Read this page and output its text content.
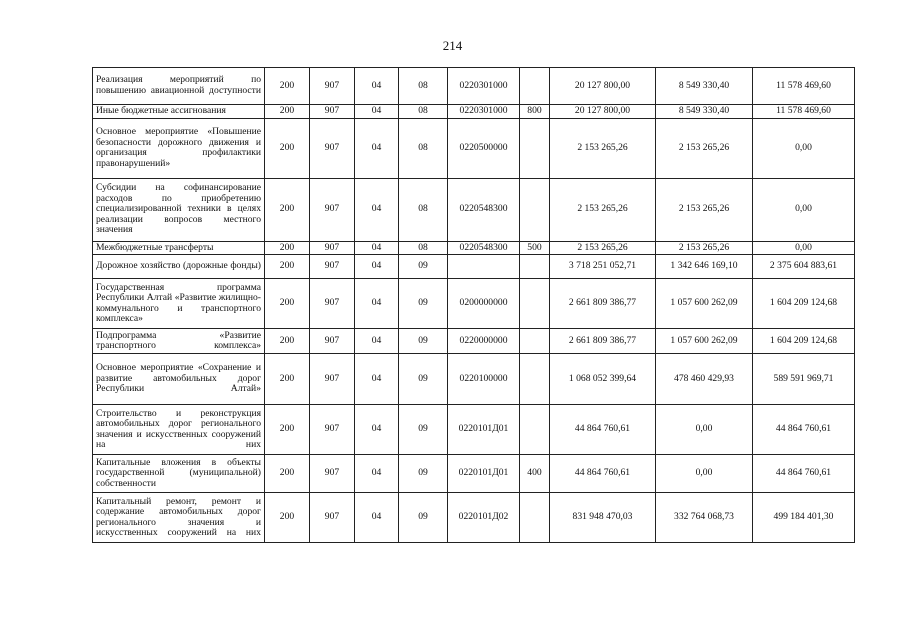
214
Реализация мероприятий по повышению авиационной доступности	200	907	04	08	0220301000		20 127 800,00	8 549 330,40	11 578 469,60
Иные бюджетные ассигнования	200	907	04	08	0220301000	800	20 127 800,00	8 549 330,40	11 578 469,60
Основное мероприятие «Повышение безопасности дорожного движения и организация профилактики правонарушений»	200	907	04	08	0220500000		2 153 265,26	2 153 265,26	0,00
Субсидии на софинансирование расходов по приобретению специализированной техники в целях реализации вопросов местного значения	200	907	04	08	0220548300		2 153 265,26	2 153 265,26	0,00
Межбюджетные трансферты	200	907	04	08	0220548300	500	2 153 265,26	2 153 265,26	0,00
Дорожное хозяйство (дорожные фонды)	200	907	04	09			3 718 251 052,71	1 342 646 169,10	2 375 604 883,61
Государственная программа Республики Алтай «Развитие жилищно-коммунального и транспортного комплекса»	200	907	04	09	0200000000		2 661 809 386,77	1 057 600 262,09	1 604 209 124,68
Подпрограмма «Развитие транспортного комплекса»	200	907	04	09	0220000000		2 661 809 386,77	1 057 600 262,09	1 604 209 124,68
Основное мероприятие «Сохранение и развитие автомобильных дорог Республики Алтай»	200	907	04	09	0220100000		1 068 052 399,64	478 460 429,93	589 591 969,71
Строительство и реконструкция автомобильных дорог регионального значения и искусственных сооружений на них	200	907	04	09	0220101Д01		44 864 760,61	0,00	44 864 760,61
Капитальные вложения в объекты государственной (муниципальной) собственности	200	907	04	09	0220101Д01	400	44 864 760,61	0,00	44 864 760,61
Капитальный ремонт, ремонт и содержание автомобильных дорог регионального значения и искусственных сооружений на них	200	907	04	09	0220101Д02		831 948 470,03	332 764 068,73	499 184 401,30
